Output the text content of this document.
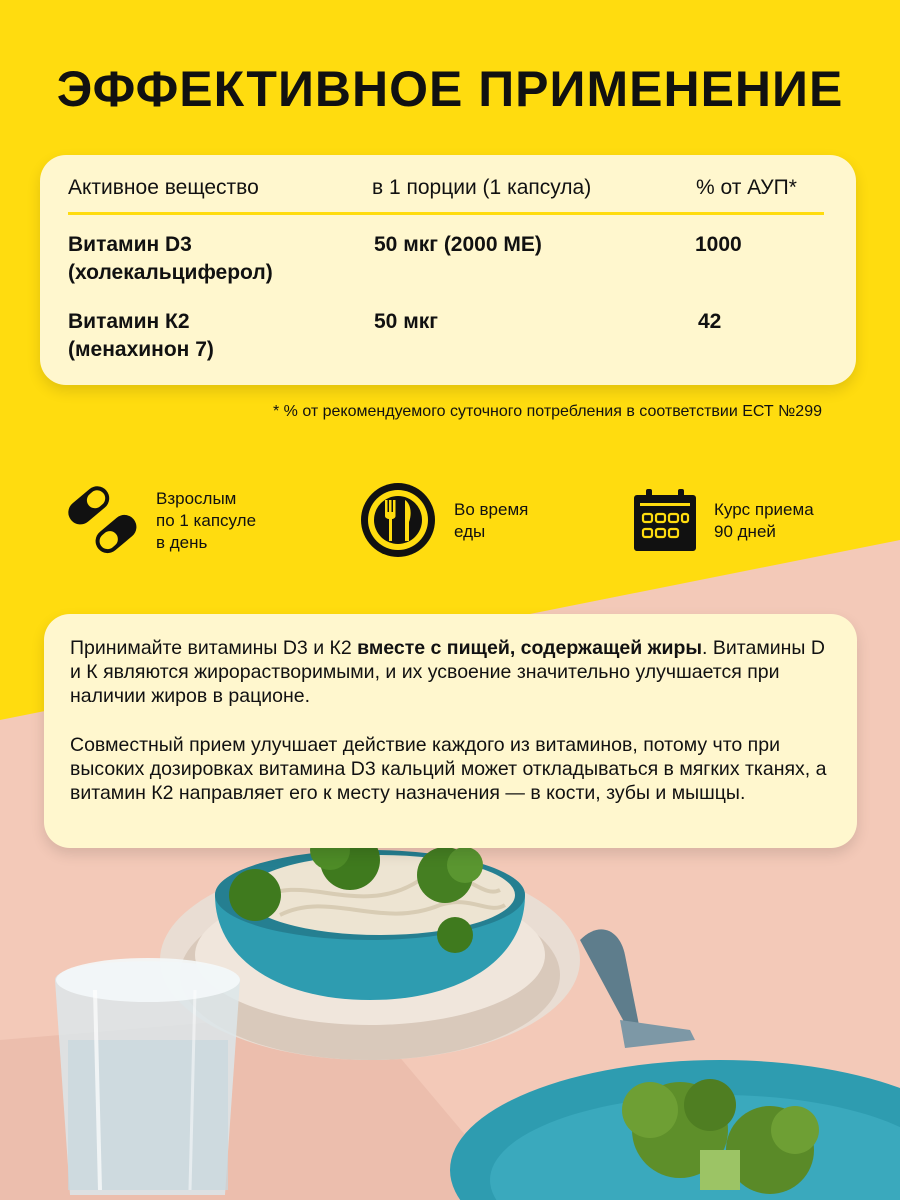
ЭФФЕКТИВНОЕ ПРИМЕНЕНИЕ
Активное вещество	в 1 порции (1 капсула)	% от АУП*
Витамин D3
(холекальциферол)
50 мкг (2000 МЕ)	1000
Витамин К2
(менахинон 7)
50 мкг	42
* % от рекомендуемого суточного потребления в соответствии ЕСТ №299
Взрослым
по 1 капсуле
в день
Во время
еды
Курс приема
90 дней

Принимайте витамины D3 и К2 вместе с пищей, содержащей жиры. Витамины D и К являются жирорастворимыми, и их усвоение значительно улучшается при наличии жиров в рационе.

Совместный прием улучшает действие каждого из витаминов, потому что при высоких дозировках витамина D3 кальций может откладываться в мягких тканях, а витамин К2 направляет его к месту назначения — в кости, зубы и мышцы.
